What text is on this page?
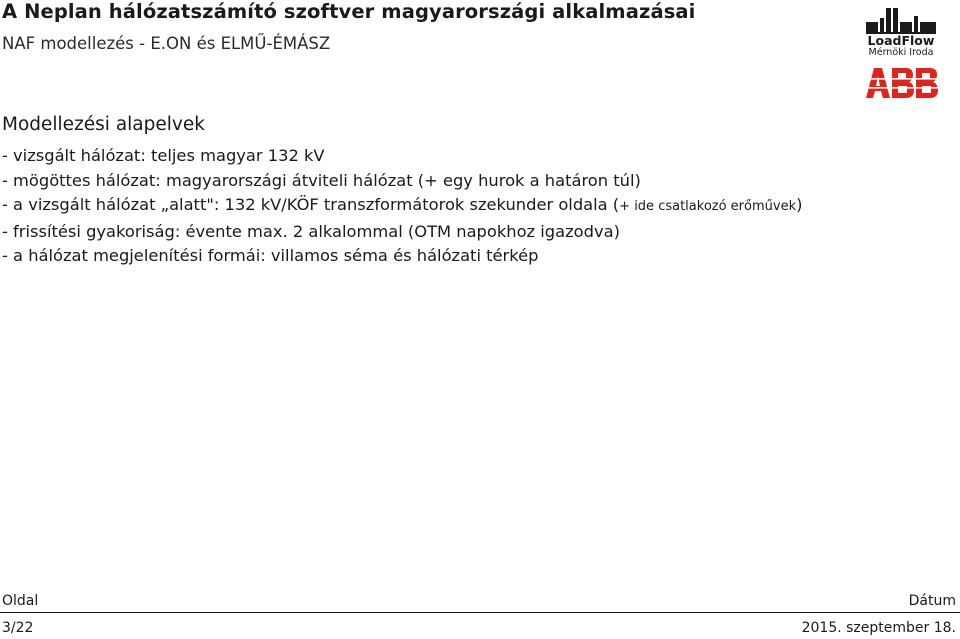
A Neplan hálózatszámító szoftver magyarországi alkalmazásai
NAF modellezés - E.ON és ELMŰ-ÉMÁSZ	LoadFlow
Mérnöki Iroda
Modellezési alapelvek
- vizsgált hálózat: teljes magyar 132 kV
- mögöttes hálózat: magyarországi átviteli hálózat (+ egy hurok a határon túl)
- a vizsgált hálózat „alatt": 132 kV/KÖF transzformátorok szekunder oldala (+ ide csatlakozó erőművek)
- frissítési gyakoriság: évente max. 2 alkalommal (OTM napokhoz igazodva)
- a hálózat megjelenítési formái: villamos séma és hálózati térkép
Oldal	Dátum
3/22	2015. szeptember 18.
